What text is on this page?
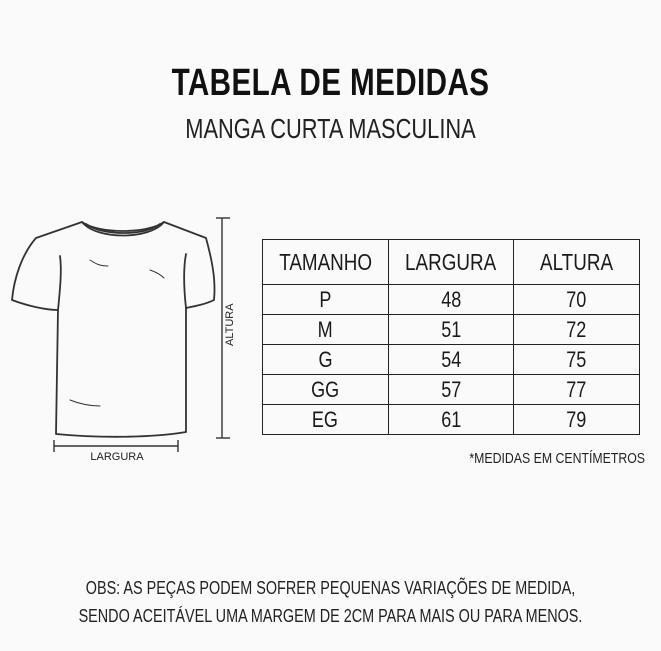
TABELA DE MEDIDAS
MANGA CURTA MASCULINA
ALTURA
LARGURA
TAMANHO	LARGURA	ALTURA
P	48	70
M	51	72
G	54	75
GG	57	77
EG	61	79
*MEDIDAS EM CENTÍMETROS
OBS: AS PEÇAS PODEM SOFRER PEQUENAS VARIAÇÕES DE MEDIDA,
SENDO ACEITÁVEL UMA MARGEM DE 2CM PARA MAIS OU PARA MENOS.
